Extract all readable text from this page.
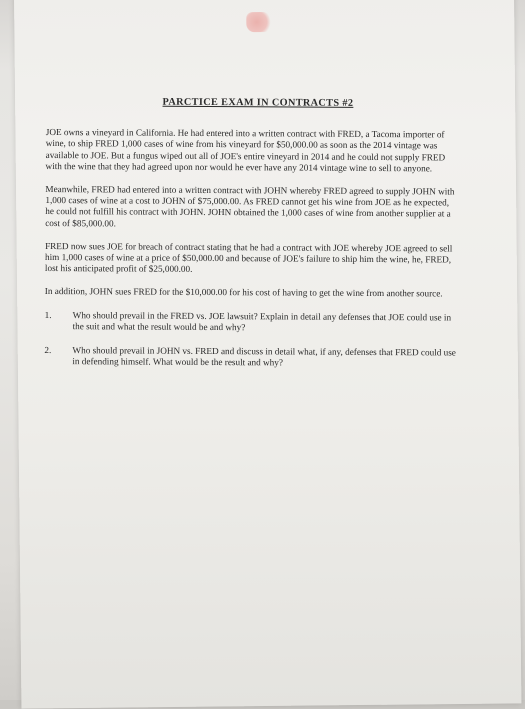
PARCTICE EXAM IN CONTRACTS #2

JOE owns a vineyard in California. He had entered into a written contract with FRED, a Tacoma importer of wine, to ship FRED 1,000 cases of wine from his vineyard for $50,000.00 as soon as the 2014 vintage was available to JOE. But a fungus wiped out all of JOE's entire vineyard in 2014 and he could not supply FRED with the wine that they had agreed upon nor would he ever have any 2014 vintage wine to sell to anyone.

Meanwhile, FRED had entered into a written contract with JOHN whereby FRED agreed to supply JOHN with 1,000 cases of wine at a cost to JOHN of $75,000.00. As FRED cannot get his wine from JOE as he expected, he could not fulfill his contract with JOHN. JOHN obtained the 1,000 cases of wine from another supplier at a cost of $85,000.00.

FRED now sues JOE for breach of contract stating that he had a contract with JOE whereby JOE agreed to sell him 1,000 cases of wine at a price of $50,000.00 and because of JOE's failure to ship him the wine, he, FRED, lost his anticipated profit of $25,000.00.

In addition, JOHN sues FRED for the $10,000.00 for his cost of having to get the wine from another source.

1.	Who should prevail in the FRED vs. JOE lawsuit? Explain in detail any defenses that JOE could use in the suit and what the result would be and why?
2.	Who should prevail in JOHN vs. FRED and discuss in detail what, if any, defenses that FRED could use in defending himself. What would be the result and why?
